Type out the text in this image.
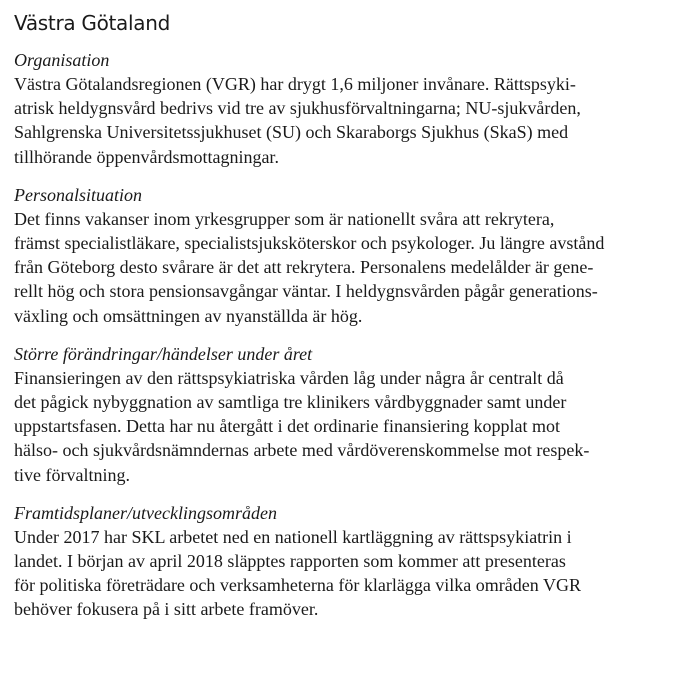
Västra Götaland
Organisation

Västra Götalandsregionen (VGR) har drygt 1,6 miljoner invånare. Rättspsyki-
atrisk heldygnsvård bedrivs vid tre av sjukhusförvaltningarna; NU-sjukvården,
Sahlgrenska Universitetssjukhuset (SU) och Skaraborgs Sjukhus (SkaS) med
tillhörande öppenvårdsmottagningar.

Personalsituation

Det finns vakanser inom yrkesgrupper som är nationellt svåra att rekrytera,
främst specialistläkare, specialistsjuksköterskor och psykologer. Ju längre avstånd
från Göteborg desto svårare är det att rekrytera. Personalens medelålder är gene-
rellt hög och stora pensionsavgångar väntar. I heldygnsvården pågår generations-
växling och omsättningen av nyanställda är hög.

Större förändringar/händelser under året

Finansieringen av den rättspsykiatriska vården låg under några år centralt då
det pågick nybyggnation av samtliga tre klinikers vårdbyggnader samt under
uppstartsfasen. Detta har nu återgått i det ordinarie finansiering kopplat mot
hälso- och sjukvårdsnämndernas arbete med vårdöverenskommelse mot respek-
tive förvaltning.

Framtidsplaner/utvecklingsområden

Under 2017 har SKL arbetet ned en nationell kartläggning av rättspsykiatrin i
landet. I början av april 2018 släpptes rapporten som kommer att presenteras
för politiska företrädare och verksamheterna för klarlägga vilka områden VGR
behöver fokusera på i sitt arbete framöver.
